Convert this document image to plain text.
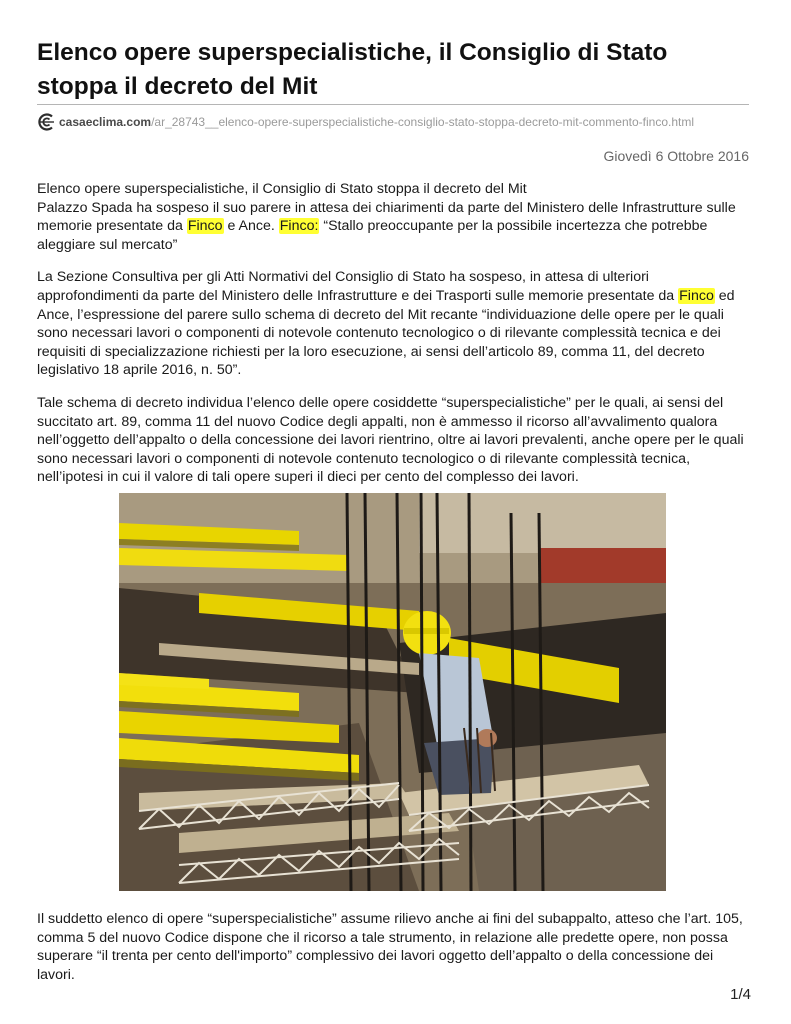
Elenco opere superspecialistiche, il Consiglio di Stato stoppa il decreto del Mit
casaeclima.com /ar_28743__elenco-opere-superspecialistiche-consiglio-stato-stoppa-decreto-mit-commento-finco.html
Giovedì 6 Ottobre 2016

Elenco opere superspecialistiche, il Consiglio di Stato stoppa il decreto del Mit
Palazzo Spada ha sospeso il suo parere in attesa dei chiarimenti da parte del Ministero delle Infrastrutture sulle memorie presentate da Finco e Ance. Finco: “Stallo preoccupante per la possibile incertezza che potrebbe aleggiare sul mercato”

La Sezione Consultiva per gli Atti Normativi del Consiglio di Stato ha sospeso, in attesa di ulteriori approfondimenti da parte del Ministero delle Infrastrutture e dei Trasporti sulle memorie presentate da Finco ed Ance, l’espressione del parere sullo schema di decreto del Mit recante “individuazione delle opere per le quali sono necessari lavori o componenti di notevole contenuto tecnologico o di rilevante complessità tecnica e dei requisiti di specializzazione richiesti per la loro esecuzione, ai sensi dell’articolo 89, comma 11, del decreto legislativo 18 aprile 2016, n. 50”.

Tale schema di decreto individua l’elenco delle opere cosiddette “superspecialistiche” per le quali, ai sensi del succitato art. 89, comma 11 del nuovo Codice degli appalti, non è ammesso il ricorso all’avvalimento qualora nell’oggetto dell’appalto o della concessione dei lavori rientrino, oltre ai lavori prevalenti, anche opere per le quali sono necessari lavori o componenti di notevole contenuto tecnologico o di rilevante complessità tecnica, nell’ipotesi in cui il valore di tali opere superi il dieci per cento del complesso dei lavori.

Il suddetto elenco di opere “superspecialistiche” assume rilievo anche ai fini del subappalto, atteso che l’art. 105, comma 5 del nuovo Codice dispone che il ricorso a tale strumento, in relazione alle predette opere, non possa superare “il trenta per cento dell'importo” complessivo dei lavori oggetto dell’appalto o della concessione dei lavori.

1/4
